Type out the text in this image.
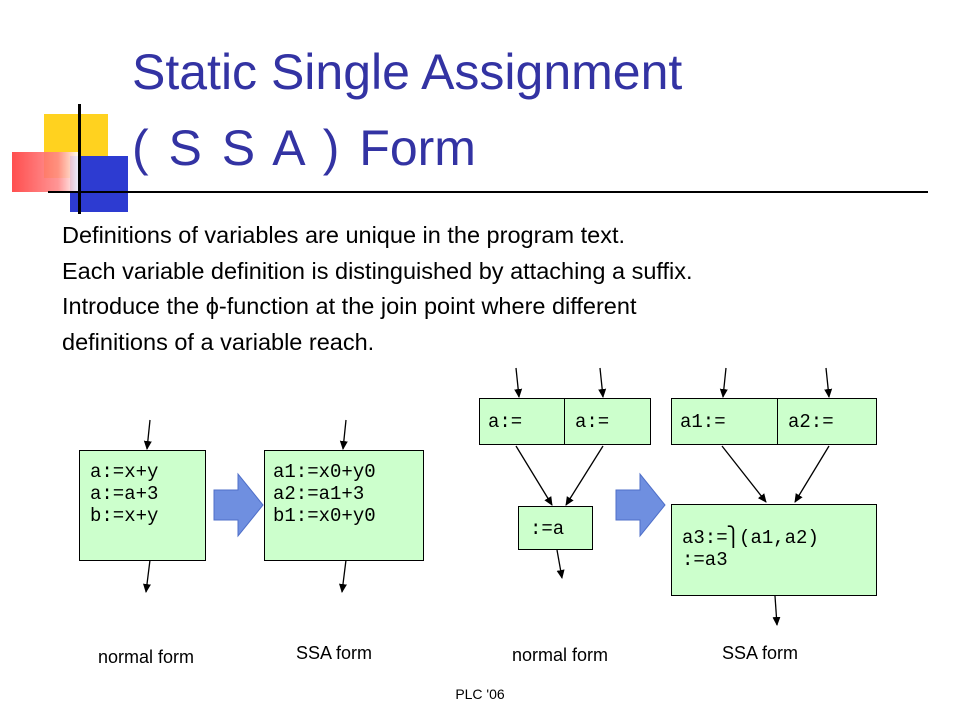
Static Single Assignment
( S S A ) Form
Definitions of variables are unique in the program text.
Each variable definition is distinguished by attaching a suffix.
Introduce the ϕ-function at the join point where different
definitions of a variable reach.
a:=x+y
a:=a+3
b:=x+y
a1:=x0+y0
a2:=a1+3
b1:=x0+y0
a:=	a:=
:=a
a1:=	a2:=
a3:=⎫(a1,a2)
:=a3
normal form	SSA form	normal form	SSA form
PLC '06
